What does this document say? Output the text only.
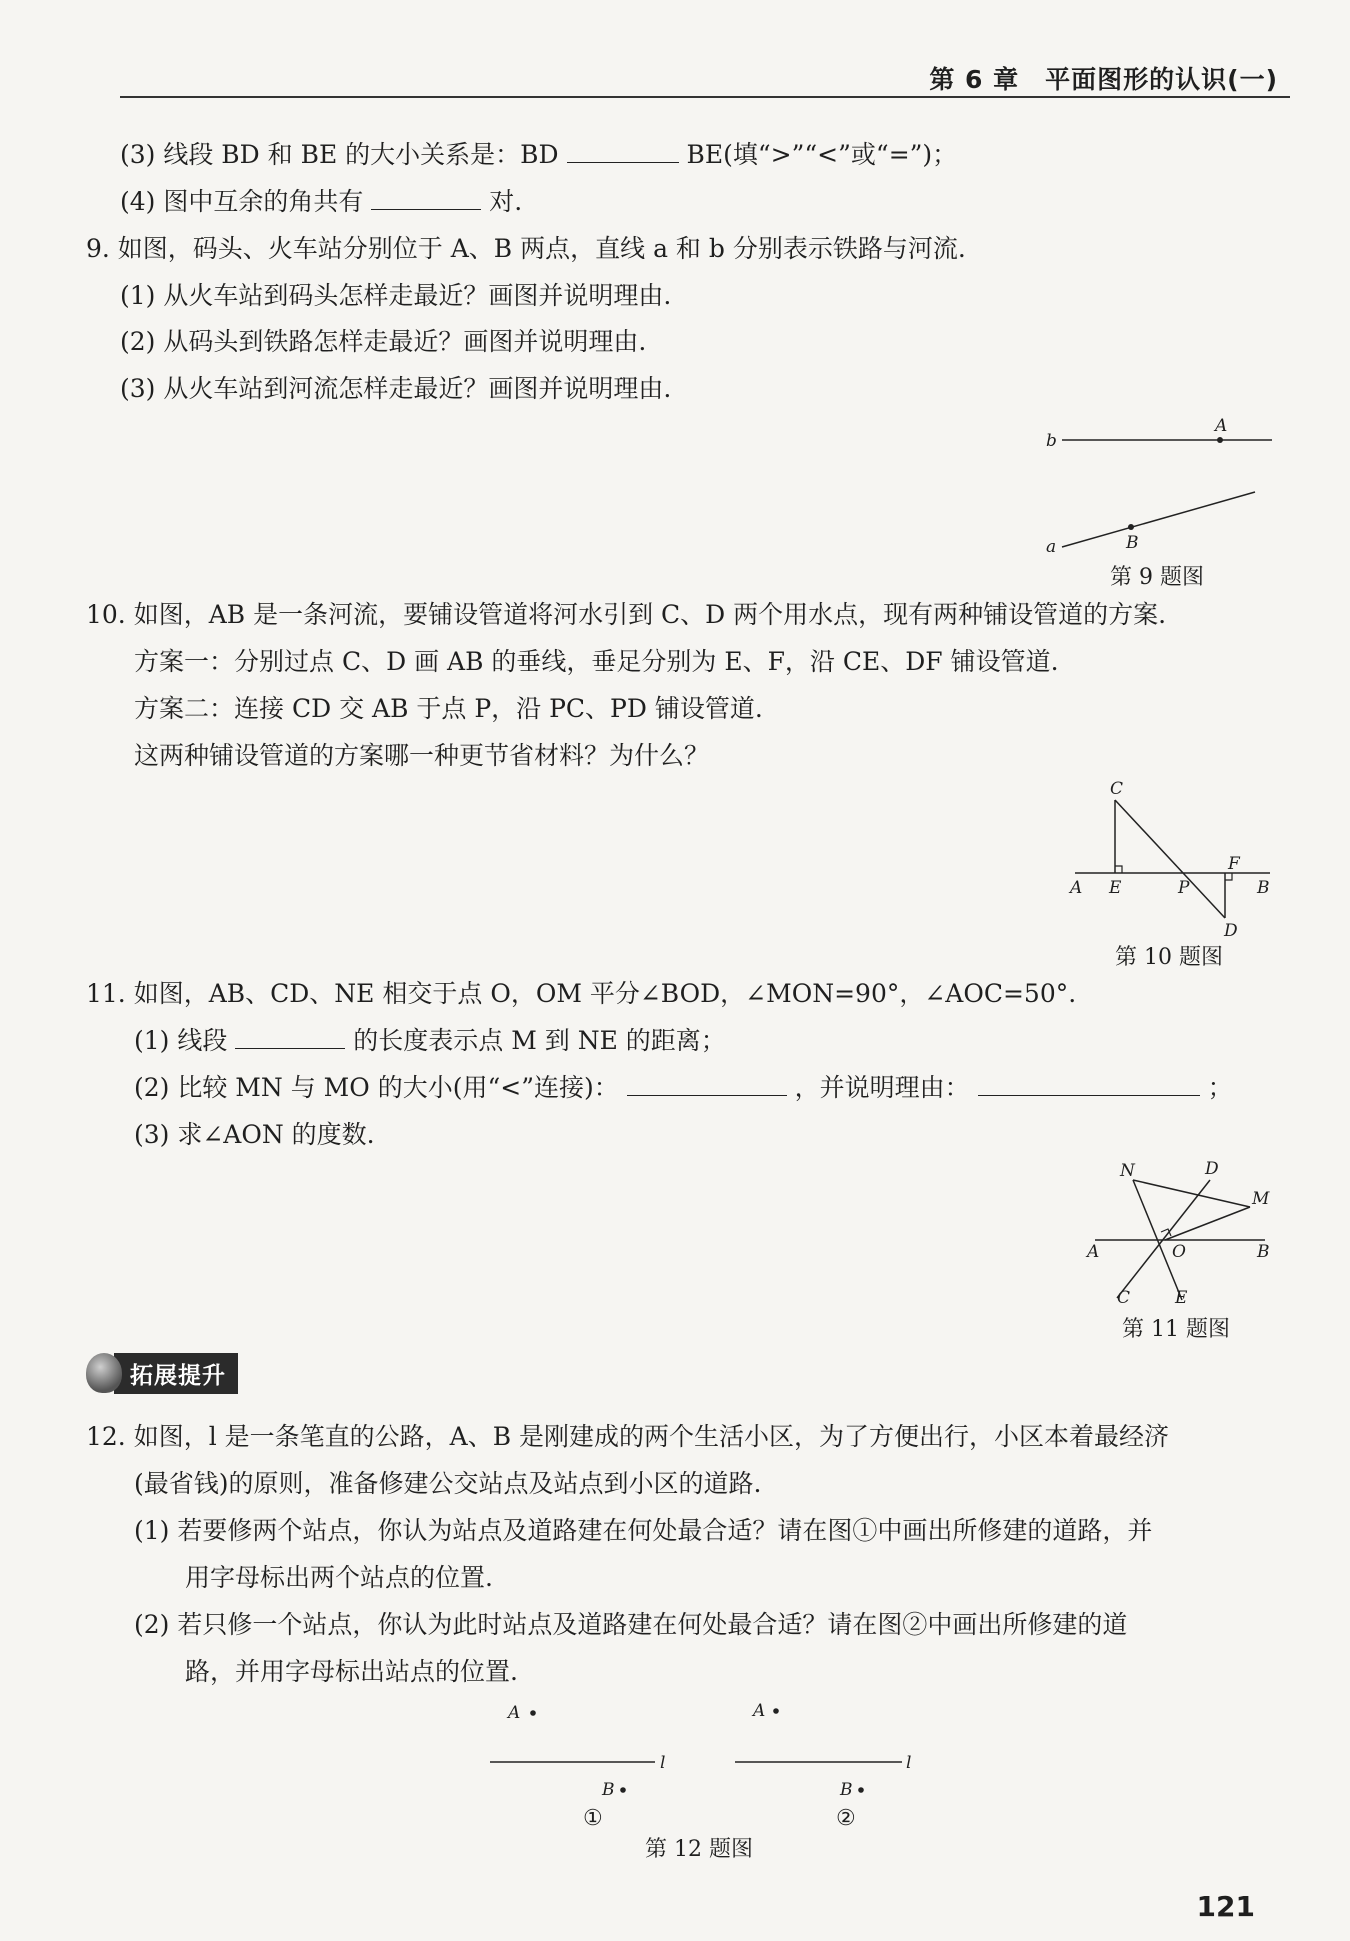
第 6 章　平面图形的认识(一)
(3) 线段 BD 和 BE 的大小关系是：BD	BE(填“>”“<”或“=”)；
(4) 图中互余的角共有	对.
9. 如图，码头、火车站分别位于 A、B 两点，直线 a 和 b 分别表示铁路与河流.
(1) 从火车站到码头怎样走最近？画图并说明理由.
(2) 从码头到铁路怎样走最近？画图并说明理由.
(3) 从火车站到河流怎样走最近？画图并说明理由.
b
A
a	B
第 9 题图
10. 如图，AB 是一条河流，要铺设管道将河水引到 C、D 两个用水点，现有两种铺设管道的方案.
方案一：分别过点 C、D 画 AB 的垂线，垂足分别为 E、F，沿 CE、DF 铺设管道.
方案二：连接 CD 交 AB 于点 P，沿 PC、PD 铺设管道.
这两种铺设管道的方案哪一种更节省材料？为什么？
C
A E	P
F
B
D
第 10 题图
11. 如图，AB、CD、NE 相交于点 O，OM 平分∠BOD，∠MON=90°，∠AOC=50°.
(1) 线段	的长度表示点 M 到 NE 的距离；
(2) 比较 MN 与 MO 的大小(用“<”连接)：	，并说明理由：	；
(3) 求∠AON 的度数.
N	D
M
A	O	B
C	E
第 11 题图
拓展提升
12. 如图，l 是一条笔直的公路，A、B 是刚建成的两个生活小区，为了方便出行，小区本着最经济
(最省钱)的原则，准备修建公交站点及站点到小区的道路.
(1) 若要修两个站点，你认为站点及道路建在何处最合适？请在图①中画出所修建的道路，并
用字母标出两个站点的位置.
(2) 若只修一个站点，你认为此时站点及道路建在何处最合适？请在图②中画出所修建的道
路，并用字母标出站点的位置.
A
l
B
①
A
l
B
②
第 12 题图
121
